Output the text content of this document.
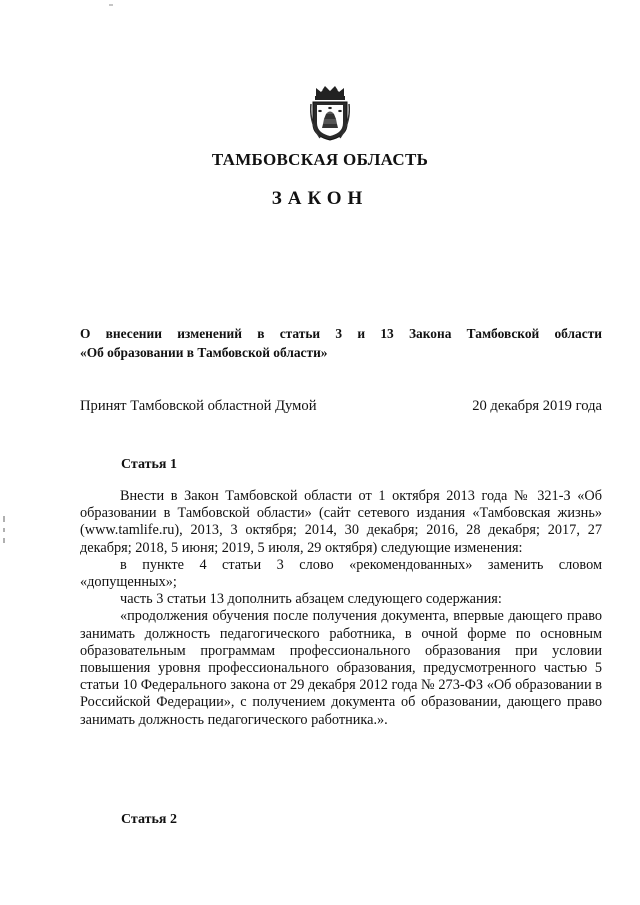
ТАМБОВСКАЯ ОБЛАСТЬ
ЗАКОН
О внесении изменений в статьи 3 и 13 Закона Тамбовской области
«Об образовании в Тамбовской области»
Принят Тамбовской областной Думой	20 декабря 2019 года
Статья 1

Внести в Закон Тамбовской области от 1 октября 2013 года № 321-З «Об образовании в Тамбовской области» (сайт сетевого издания «Тамбовская жизнь» (www.tamlife.ru), 2013, 3 октября; 2014, 30 декабря; 2016, 28 декабря; 2017, 27 декабря; 2018, 5 июня; 2019, 5 июля, 29 октября) следующие изменения:

в пункте 4 статьи 3 слово «рекомендованных» заменить словом «допущенных»;

часть 3 статьи 13 дополнить абзацем следующего содержания:

«продолжения обучения после получения документа, впервые дающего право занимать должность педагогического работника, в очной форме по основным образовательным программам профессионального образования при условии повышения уровня профессионального образования, предусмотренного частью 5 статьи 10 Федерального закона от 29 декабря 2012 года № 273-ФЗ «Об образовании в Российской Федерации», с получением документа об образовании, дающего право занимать должность педагогического работника.».

Статья 2
